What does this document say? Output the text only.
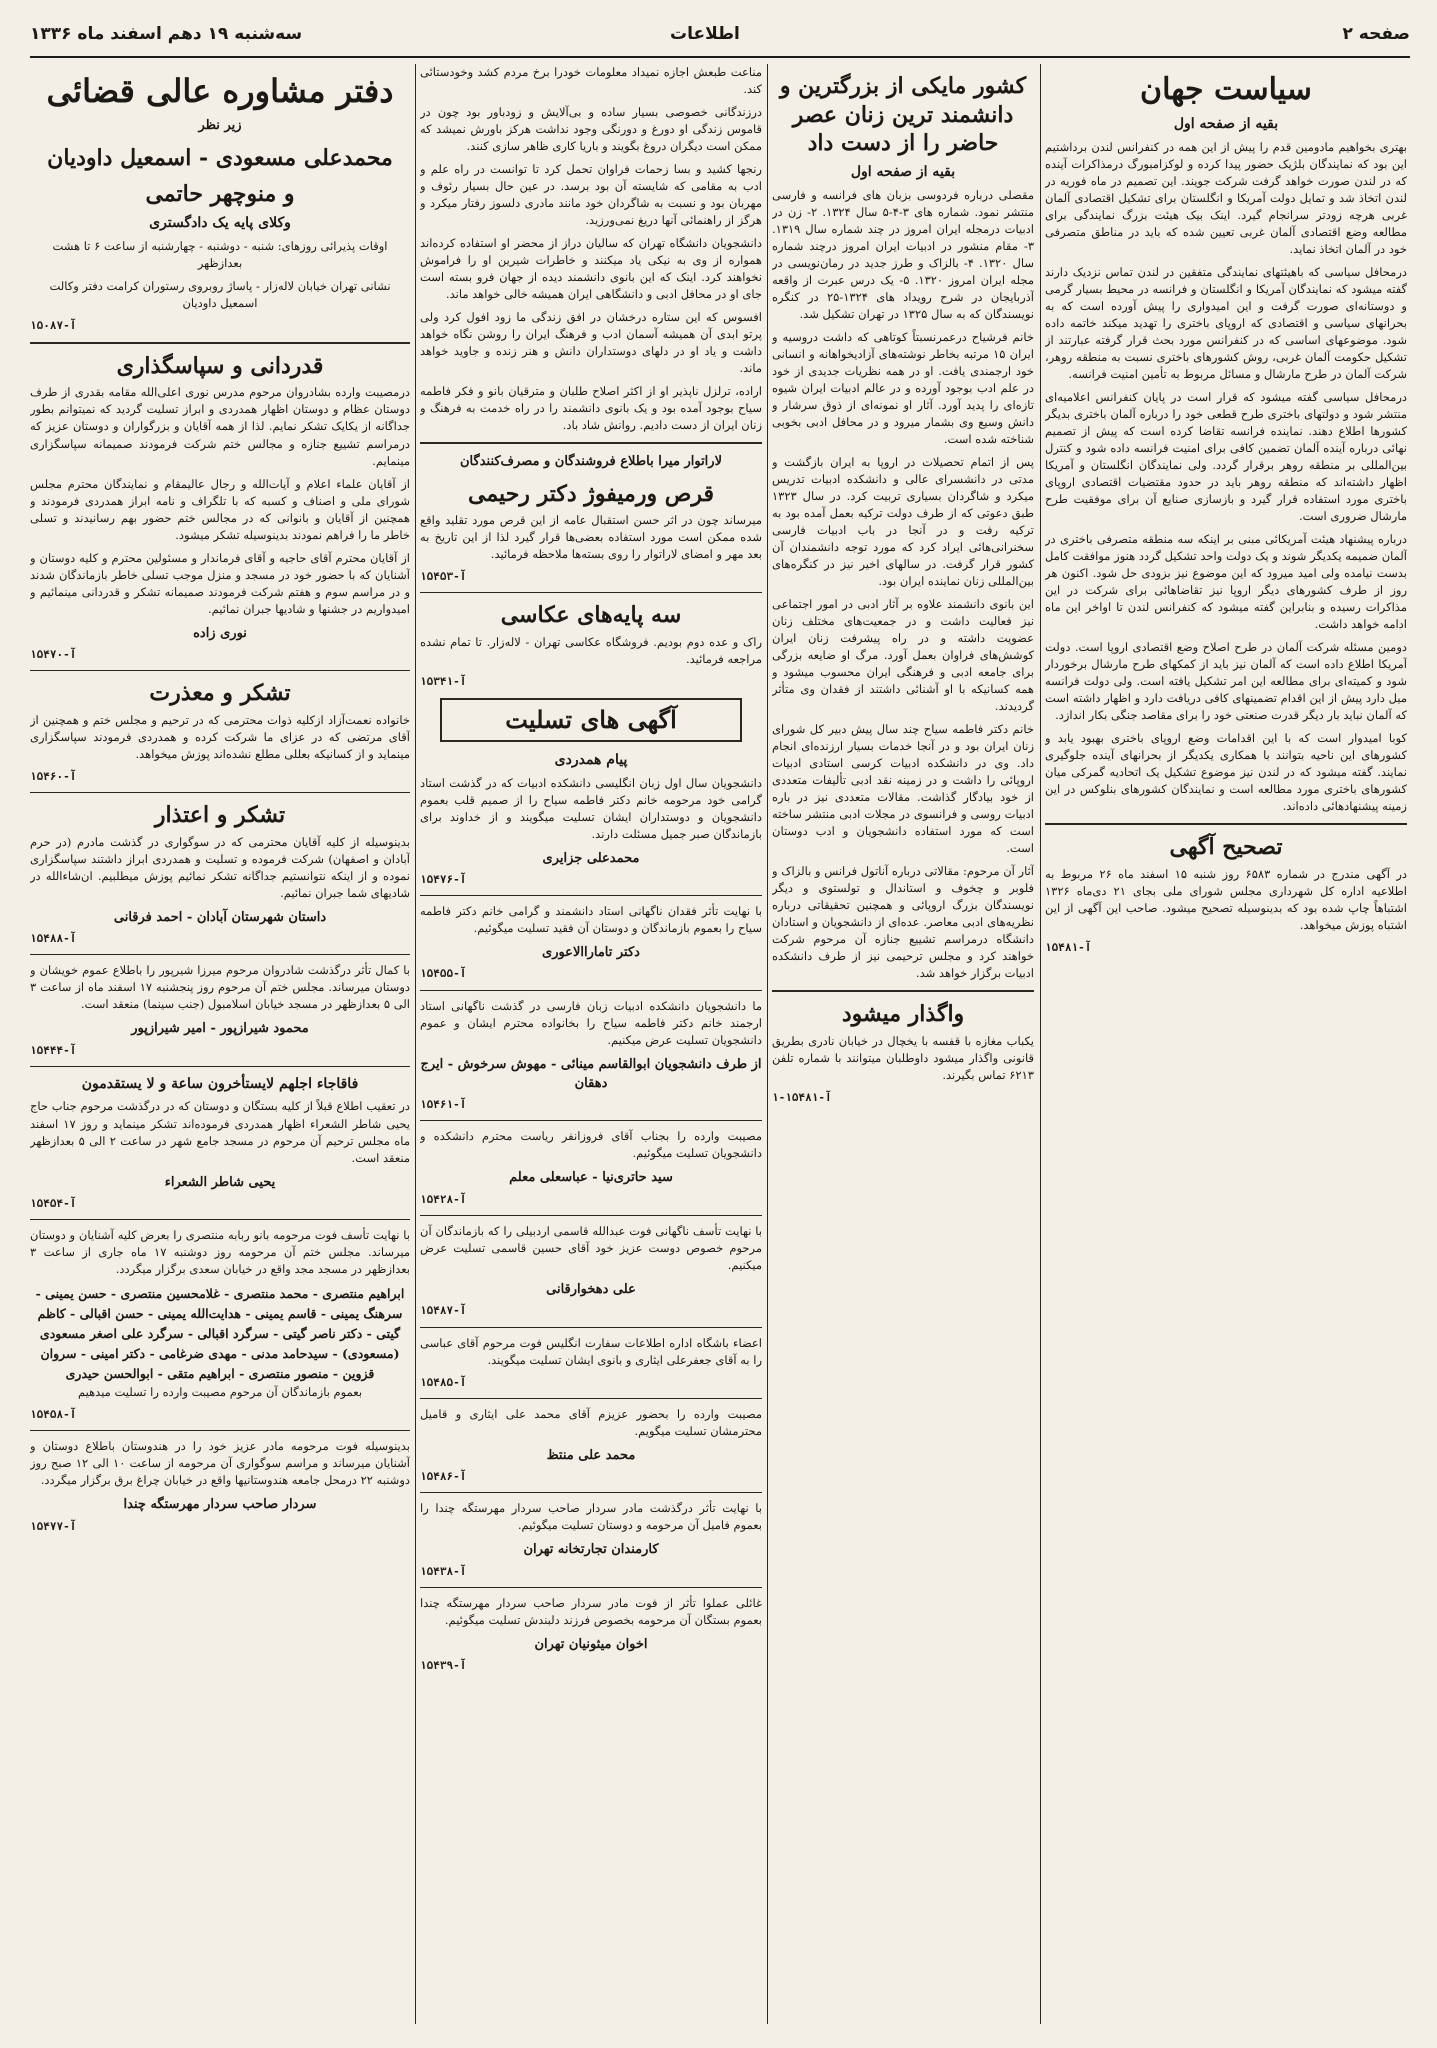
صفحه ۲
اطلاعات
سه‌شنبه ۱۹ دهم اسفند ماه ۱۳۳۶
سیاست جهان
بقیه از صفحه اول

بهتری بخواهیم مادومین قدم را پیش از این همه در کنفرانس لندن برداشتیم این بود که نمایندگان بلژیک حضور پیدا کرده و لوکزامبورگ درمذاکرات آینده که در لندن صورت خواهد گرفت شرکت جویند. این تصمیم در ماه فوریه در لندن اتخاذ شد و تمایل دولت آمریکا و انگلستان برای تشکیل اقتصادی آلمان غربی هرچه زودتر سرانجام گیرد. اینک بیک هیئت بزرگ نمایندگی برای مطالعه وضع اقتصادی آلمان غربی تعیین شده که باید در مناطق متصرفی خود در آلمان اتخاذ نماید.

درمحافل سیاسی که باهیئتهای نمایندگی متفقین در لندن تماس نزدیک دارند گفته میشود که نمایندگان آمریکا و انگلستان و فرانسه در محیط بسیار گرمی و دوستانه‌ای صورت گرفت و این امیدواری را پیش آورده است که به بحرانهای سیاسی و اقتصادی که اروپای باختری را تهدید میکند خاتمه داده شود. موضوعهای اساسی که در کنفرانس مورد بحث قرار گرفته عبارتند از تشکیل حکومت آلمان غربی، روش کشورهای باختری نسبت به منطقه روهر، شرکت آلمان در طرح مارشال و مسائل مربوط به تأمین امنیت فرانسه.

درمحافل سیاسی گفته میشود که قرار است در پایان کنفرانس اعلامیه‌ای منتشر شود و دولتهای باختری طرح قطعی خود را درباره آلمان باختری بدیگر کشورها اطلاع دهند. نماینده فرانسه تقاضا کرده است که پیش از تصمیم نهائی درباره آینده آلمان تضمین کافی برای امنیت فرانسه داده شود و کنترل بین‌المللی بر منطقه روهر برقرار گردد. ولی نمایندگان انگلستان و آمریکا اظهار داشته‌اند که منطقه روهر باید در حدود مقتضیات اقتصادی اروپای باختری مورد استفاده قرار گیرد و بازسازی صنایع آن برای موفقیت طرح مارشال ضروری است.

درباره پیشنهاد هیئت آمریکائی مبنی بر اینکه سه منطقه متصرفی باختری در آلمان ضمیمه یکدیگر شوند و یک دولت واحد تشکیل گردد هنوز موافقت کامل بدست نیامده ولی امید میرود که این موضوع نیز بزودی حل شود. اکنون هر روز از طرف کشورهای دیگر اروپا نیز تقاضاهائی برای شرکت در این مذاکرات رسیده و بنابراین گفته میشود که کنفرانس لندن تا اواخر این ماه ادامه خواهد داشت.

دومین مسئله شرکت آلمان در طرح اصلاح وضع اقتصادی اروپا است. دولت آمریکا اطلاع داده است که آلمان نیز باید از کمکهای طرح مارشال برخوردار شود و کمیته‌ای برای مطالعه این امر تشکیل یافته است. ولی دولت فرانسه میل دارد پیش از این اقدام تضمینهای کافی دریافت دارد و اظهار داشته است که آلمان نباید بار دیگر قدرت صنعتی خود را برای مقاصد جنگی بکار اندازد.

کوبا امیدوار است که با این اقدامات وضع اروپای باختری بهبود یابد و کشورهای این ناحیه بتوانند با همکاری یکدیگر از بحرانهای آینده جلوگیری نمایند. گفته میشود که در لندن نیز موضوع تشکیل یک اتحادیه گمرکی میان کشورهای باختری مورد مطالعه است و نمایندگان کشورهای بنلوکس در این زمینه پیشنهادهائی داده‌اند.

تصحیح آگهی

در آگهی مندرج در شماره ۶۵۸۳ روز شنبه ۱۵ اسفند ماه ۲۶ مربوط به اطلاعیه اداره کل شهرداری مجلس شورای ملی بجای ۲۱ دی‌ماه ۱۳۲۶ اشتباهاً چاپ شده بود که بدینوسیله تصحیح میشود. صاحب این آگهی از این اشتباه پوزش میخواهد.

آ-۱۵۴۸۱
کشور مایکی از بزرگترین و دانشمند ترین زنان عصر حاضر را از دست داد
بقیه از صفحه اول

مقصلی درباره فردوسی بزبان های فرانسه و فارسی منتشر نمود. شماره های ۳-۴-۵ سال ۱۳۲۴. ۲- زن در ادبیات درمجله ایران امروز در چند شماره سال ۱۳۱۹. ۳- مقام منشور در ادبیات ایران امروز درچند شماره سال ۱۳۲۰. ۴- بالزاک و طرز جدید در رمان‌نویسی در مجله ایران امروز ۱۳۲۰. ۵- یک درس عبرت از واقعه آذربایجان در شرح رویداد های ۱۳۲۴-۲۵ در کنگره نویسندگان که به سال ۱۳۲۵ در تهران تشکیل شد.

خانم فرشیاح درعمرنسبتاً کوتاهی که داشت دروسیه و ایران ۱۵ مرتبه بخاطر نوشته‌های آزادیخواهانه و انسانی خود ارجمندی یافت. او در همه نظریات جدیدی از خود در علم ادب بوجود آورده و در عالم ادبیات ایران شیوه تازه‌ای را پدید آورد. آثار او نمونه‌ای از ذوق سرشار و دانش وسیع وی بشمار میرود و در محافل ادبی بخوبی شناخته شده است.

پس از اتمام تحصیلات در اروپا به ایران بازگشت و مدتی در دانشسرای عالی و دانشکده ادبیات تدریس میکرد و شاگردان بسیاری تربیت کرد. در سال ۱۳۲۳ طبق دعوتی که از طرف دولت ترکیه بعمل آمده بود به ترکیه رفت و در آنجا در باب ادبیات فارسی سخنرانی‌هائی ایراد کرد که مورد توجه دانشمندان آن کشور قرار گرفت. در سالهای اخیر نیز در کنگره‌های بین‌المللی زنان نماینده ایران بود.

این بانوی دانشمند علاوه بر آثار ادبی در امور اجتماعی نیز فعالیت داشت و در جمعیت‌های مختلف زنان عضویت داشته و در راه پیشرفت زنان ایران کوشش‌های فراوان بعمل آورد. مرگ او ضایعه بزرگی برای جامعه ادبی و فرهنگی ایران محسوب میشود و همه کسانیکه با او آشنائی داشتند از فقدان وی متأثر گردیدند.

خانم دکتر فاطمه سیاح چند سال پیش دبیر کل شورای زنان ایران بود و در آنجا خدمات بسیار ارزنده‌ای انجام داد. وی در دانشکده ادبیات کرسی استادی ادبیات اروپائی را داشت و در زمینه نقد ادبی تألیفات متعددی از خود بیادگار گذاشت. مقالات متعددی نیز در باره ادبیات روسی و فرانسوی در مجلات ادبی منتشر ساخته است که مورد استفاده دانشجویان و ادب دوستان است.

آثار آن مرحوم: مقالاتی درباره آناتول فرانس و بالزاک و فلوبر و چخوف و استاندال و تولستوی و دیگر نویسندگان بزرگ اروپائی و همچنین تحقیقاتی درباره نظریه‌های ادبی معاصر. عده‌ای از دانشجویان و استادان دانشگاه درمراسم تشییع جنازه آن مرحوم شرکت خواهند کرد و مجلس ترحیمی نیز از طرف دانشکده ادبیات برگزار خواهد شد.

واگذار میشود

یکباب مغازه با قفسه با یخچال در خیابان نادری بطریق قانونی واگذار میشود داوطلبان میتوانند با شماره تلفن ۶۲۱۳ تماس بگیرند.

آ-۱۵۴۸۱-۱

مناعت طبعش اجازه نمیداد معلومات خودرا برخ مردم کشد وخودستائی کند.

درزندگانی خصوصی بسیار ساده و بی‌آلایش و زودباور بود چون در قاموس زندگی او دورغ و دورنگی وجود نداشت هرکز باورش نمیشد که ممکن است دیگران دروغ بگویند و باریا کاری ظاهر سازی کنند.

رنجها کشید و بسا زحمات فراوان تحمل کرد تا توانست در راه علم و ادب به مقامی که شایسته آن بود برسد. در عین حال بسیار رئوف و مهربان بود و نسبت به شاگردان خود مانند مادری دلسوز رفتار میکرد و هرگز از راهنمائی آنها دریغ نمی‌ورزید.

دانشجویان دانشگاه تهران که سالیان دراز از محضر او استفاده کرده‌اند همواره از وی به نیکی یاد میکنند و خاطرات شیرین او را فراموش نخواهند کرد. اینک که این بانوی دانشمند دیده از جهان فرو بسته است جای او در محافل ادبی و دانشگاهی ایران همیشه خالی خواهد ماند.

افسوس که این ستاره درخشان در افق زندگی ما زود افول کرد ولی پرتو ابدی آن همیشه آسمان ادب و فرهنگ ایران را روشن نگاه خواهد داشت و یاد او در دلهای دوستداران دانش و هنر زنده و جاوید خواهد ماند.

اراده، ترلزل ناپذیر او از اکثر اصلاح طلبان و مترقیان بانو و فکر فاطمه سیاح بوجود آمده بود و یک بانوی دانشمند را در راه خدمت به فرهنگ و زنان ایران از دست دادیم. روانش شاد باد.

لاراتوار میرا باطلاع فروشندگان و مصرف‌کنندگان
قرص ورمیفوژ دکتر رحیمی

میرساند چون در اثر حسن استقبال عامه از این قرص مورد تقلید واقع شده ممکن است مورد استفاده بعضی‌ها قرار گیرد لذا از این تاریخ به بعد مهر و امضای لاراتوار را روی بسته‌ها ملاحظه فرمائید.

آ-۱۵۴۵۳
سه پایه‌های عکاسی

راک و عده دوم بودیم. فروشگاه عکاسی تهران - لاله‌زار. تا تمام نشده مراجعه فرمائید.

آ-۱۵۳۴۱
آگهی های تسلیت
پیام همدردی

دانشجویان سال اول زبان انگلیسی دانشکده ادبیات که در گذشت استاد گرامی خود مرحومه خانم دکتر فاطمه سیاح را از صمیم قلب بعموم دانشجویان و دوستداران ایشان تسلیت میگویند و از خداوند برای بازماندگان صبر جمیل مسئلت دارند.

محمدعلی جزایری
آ-۱۵۴۷۶

با نهایت تأثر فقدان ناگهانی استاد دانشمند و گرامی خانم دکتر فاطمه سیاح را بعموم بازماندگان و دوستان آن فقید تسلیت میگوئیم.

دکتر تاماراالاعوری
آ-۱۵۴۵۵

ما دانشجویان دانشکده ادبیات زبان فارسی در گذشت ناگهانی استاد ارجمند خانم دکتر فاطمه سیاح را بخانواده محترم ایشان و عموم دانشجویان تسلیت عرض میکنیم.

از طرف دانشجویان ابوالقاسم مینائی - مهوش سرخوش - ایرج دهقان
آ-۱۵۴۶۱

مصیبت وارده را بجناب آقای فروزانفر ریاست محترم دانشکده و دانشجویان تسلیت میگوئیم.

سید حاتری‌نیا - عباسعلی معلم
آ-۱۵۴۲۸

با نهایت تأسف ناگهانی فوت عبدالله قاسمی اردبیلی را که بازماندگان آن مرحوم خصوص دوست عزیز خود آقای حسین قاسمی تسلیت عرض میکنیم.

علی دهخوارقانی
آ-۱۵۴۸۷

اعضاء باشگاه اداره اطلاعات سفارت انگلیس فوت مرحوم آقای عباسی را به آقای جعفرعلی ایثاری و بانوی ایشان تسلیت میگویند.

آ-۱۵۴۸۵

مصیبت وارده را بحضور عزیزم آقای محمد علی ایثاری و قامیل محترمشان تسلیت میگویم.

محمد علی منتظ
آ-۱۵۴۸۶

با نهایت تأثر درگذشت مادر سردار صاحب سردار مهرستگه چندا را بعموم فامیل آن مرحومه و دوستان تسلیت میگوئیم.

کارمندان تجارتخانه تهران
آ-۱۵۴۳۸

غائلی عملوا تأثر از فوت مادر سردار صاحب سردار مهرستگه چندا بعموم بستگان آن مرحومه بخصوص فرزند دلبندش تسلیت میگوئیم.

اخوان میثونیان تهران
آ-۱۵۴۳۹
دفتر مشاوره عالی قضائی
زیر نظر
محمدعلی مسعودی - اسمعیل داودیان
و منوچهر حاتمی
وکلای پایه یک دادگستری

اوقات پذیرائی روزهای: شنبه - دوشنبه - چهارشنبه از ساعت ۶ تا هشت بعدازظهر

نشانی تهران خیابان لاله‌زار - پاساژ روبروی رستوران کرامت دفتر وکالت اسمعیل داودیان

آ-۱۵۰۸۷
قدردانی و سپاسگذاری

درمصیبت وارده بشادروان مرحوم مدرس نوری اعلی‌الله مقامه بقدری از طرف دوستان عظام و دوستان اظهار همدردی و ابراز تسلیت گردید که نمیتوانم بطور جداگانه از یکایک تشکر نمایم. لذا از همه آقایان و بزرگواران و دوستان عزیز که درمراسم تشییع جنازه و مجالس ختم شرکت فرمودند صمیمانه سپاسگزاری مینمایم.

از آقایان علماء اعلام و آیات‌الله و رجال عالیمقام و نمایندگان محترم مجلس شورای ملی و اصناف و کسبه که با تلگراف و نامه ابراز همدردی فرمودند و همچنین از آقایان و بانوانی که در مجالس ختم حضور بهم رسانیدند و تسلی خاطر ما را فراهم نمودند بدینوسیله تشکر میشود.

از آقایان محترم آقای حاجیه و آقای فرماندار و مسئولین محترم و کلیه دوستان و آشنایان که با حضور خود در مسجد و منزل موجب تسلی خاطر بازماندگان شدند و در مراسم سوم و هفتم شرکت فرمودند صمیمانه تشکر و قدردانی مینمائیم و امیدواریم در جشنها و شادیها جبران نمائیم.

نوری زاده
آ-۱۵۴۷۰
تشکر و معذرت

خانواده نعمت‌آزاد ازکلیه ذوات محترمی که در ترحیم و مجلس ختم و همچنین از آقای مرتضی که در عزای ما شرکت کرده و همدردی فرمودند سپاسگزاری مینماید و از کسانیکه بعللی مطلع نشده‌اند پوزش میخواهد.

آ-۱۵۴۶۰
تشکر و اعتذار

بدینوسیله از کلیه آقایان محترمی که در سوگواری در گذشت مادرم (در حرم آبادان و اصفهان) شرکت فرموده و تسلیت و همدردی ابراز داشتند سپاسگزاری نموده و از اینکه نتوانستیم جداگانه تشکر نمائیم پوزش میطلبیم. ان‌شاءالله در شادیهای شما جبران نمائیم.

داستان شهرستان آبادان - احمد فرقانی
آ-۱۵۴۸۸

با کمال تأثر درگذشت شادروان مرحوم میرزا شیرپور را باطلاع عموم خویشان و دوستان میرساند. مجلس ختم آن مرحوم روز پنجشنبه ۱۷ اسفند ماه از ساعت ۳ الی ۵ بعدازظهر در مسجد خیابان اسلامبول (جنب سینما) منعقد است.

محمود شیرازپور - امیر شیرازپور
آ-۱۵۴۴۴
فاقاجاء اجلهم لایستأخرون ساعة و لا یستقدمون

در تعقیب اطلاع قبلاً از کلیه بستگان و دوستان که در درگذشت مرحوم جناب حاج یحیی شاطر الشعراء اظهار همدردی فرموده‌اند تشکر مینماید و روز ۱۷ اسفند ماه مجلس ترحیم آن مرحوم در مسجد جامع شهر در ساعت ۲ الی ۵ بعدازظهر منعقد است.

یحیی شاطر الشعراء
آ-۱۵۴۵۴

با نهایت تأسف فوت مرحومه بانو ربابه منتصری را بعرض کلیه آشنایان و دوستان میرساند. مجلس ختم آن مرحومه روز دوشنبه ۱۷ ماه جاری از ساعت ۳ بعدازظهر در مسجد مجد واقع در خیابان سعدی برگزار میگردد.

ابراهیم منتصری - محمد منتصری - غلامحسین منتصری - حسن یمینی - سرهنگ یمینی - قاسم یمینی - هدایت‌الله یمینی - حسن اقبالی - کاظم گیتی - دکتر ناصر گیتی - سرگرد اقبالی - سرگرد علی اصغر مسعودی (مسعودی) - سیدحامد مدنی - مهدی ضرغامی - دکتر امینی - سروان قزوین - منصور منتصری - ابراهیم متقی - ابوالحسن حیدری

بعموم بازماندگان آن مرحوم مصیبت وارده را تسلیت میدهیم

آ-۱۵۴۵۸

بدینوسیله فوت مرحومه مادر عزیز خود را در هندوستان باطلاع دوستان و آشنایان میرساند و مراسم سوگواری آن مرحومه از ساعت ۱۰ الی ۱۲ صبح روز دوشنبه ۲۲ درمحل جامعه هندوستانیها واقع در خیابان چراغ برق برگزار میگردد.

سردار صاحب سردار مهرستگه چندا
آ-۱۵۴۷۷
